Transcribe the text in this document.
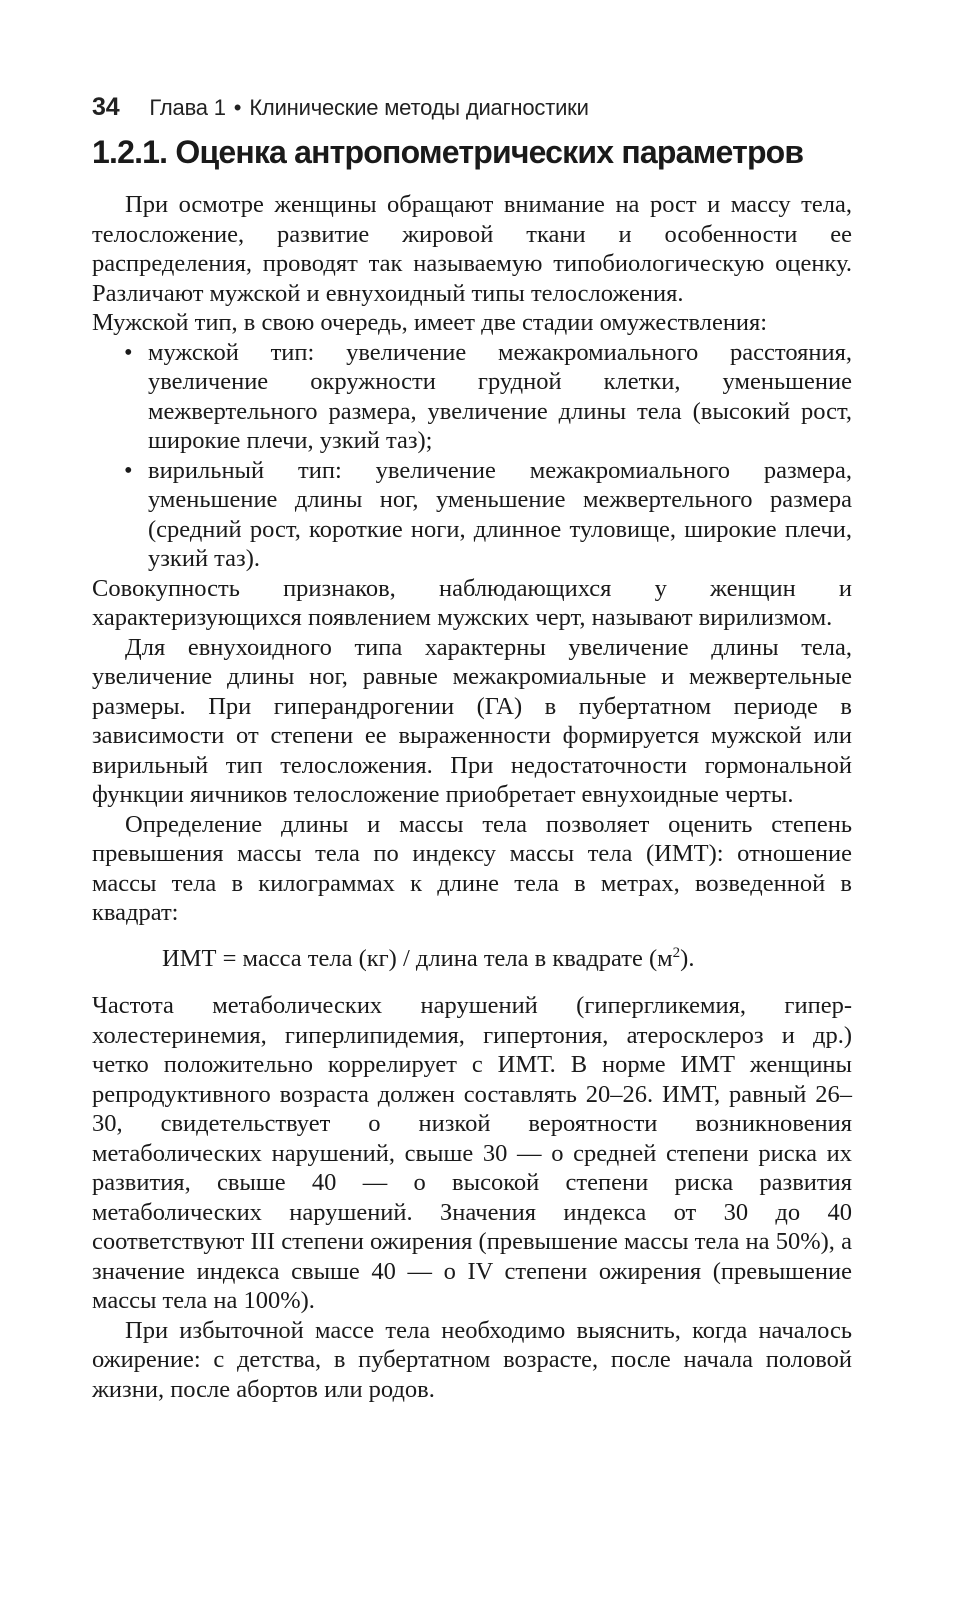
34 Глава 1 • Клинические методы диагностики
1.2.1. Оценка антропометрических параметров

При осмотре женщины обращают внимание на рост и массу тела, телосложение, развитие жировой ткани и особенности ее распределения, проводят так называемую типобиологическую оценку. Различают мужской и евнухоидный типы телосложения.

Мужской тип, в свою очередь, имеет две стадии омужествления:

• мужской тип: увеличение межакромиального расстояния, увеличение окружности грудной клетки, уменьшение межвертельного размера, увеличение длины тела (высокий рост, широкие плечи, узкий таз);
• вирильный тип: увеличение межакромиального размера, уменьшение длины ног, уменьшение межвертельного размера (средний рост, короткие ноги, длинное туловище, широкие плечи, узкий таз).

Совокупность признаков, наблюдающихся у женщин и характеризующихся появлением мужских черт, называют вирилизмом.

Для евнухоидного типа характерны увеличение длины тела, увеличение длины ног, равные межакромиальные и межвертельные размеры. При гиперандрогении (ГА) в пубертатном периоде в зависимости от степени ее выраженности формируется мужской или вирильный тип телосложения. При недостаточности гормональной функции яичников телосложение приобретает евнухоидные черты.

Определение длины и массы тела позволяет оценить степень превышения массы тела по индексу массы тела (ИМТ): отношение массы тела в килограммах к длине тела в метрах, возведенной в квадрат:

ИМТ = масса тела (кг) / длина тела в квадрате $(м^2)$.

Частота метаболических нарушений (гипергликемия, гиперхолестеринемия, гиперлипидемия, гипертония, атеросклероз и др.) четко положительно коррелирует с ИМТ. В норме ИМТ женщины репродуктивного возраста должен составлять 20–26. ИМТ, равный 26–30, свидетельствует о низкой вероятности возникновения метаболических нарушений, свыше 30 — о средней степени риска их развития, свыше 40 — о высокой степени риска развития метаболических нарушений. Значения индекса от 30 до 40 соответствуют III степени ожирения (превышение массы тела на 50%), а значение индекса свыше 40 — о IV степени ожирения (превышение массы тела на 100%).

При избыточной массе тела необходимо выяснить, когда началось ожирение: с детства, в пубертатном возрасте, после начала половой жизни, после абортов или родов.
